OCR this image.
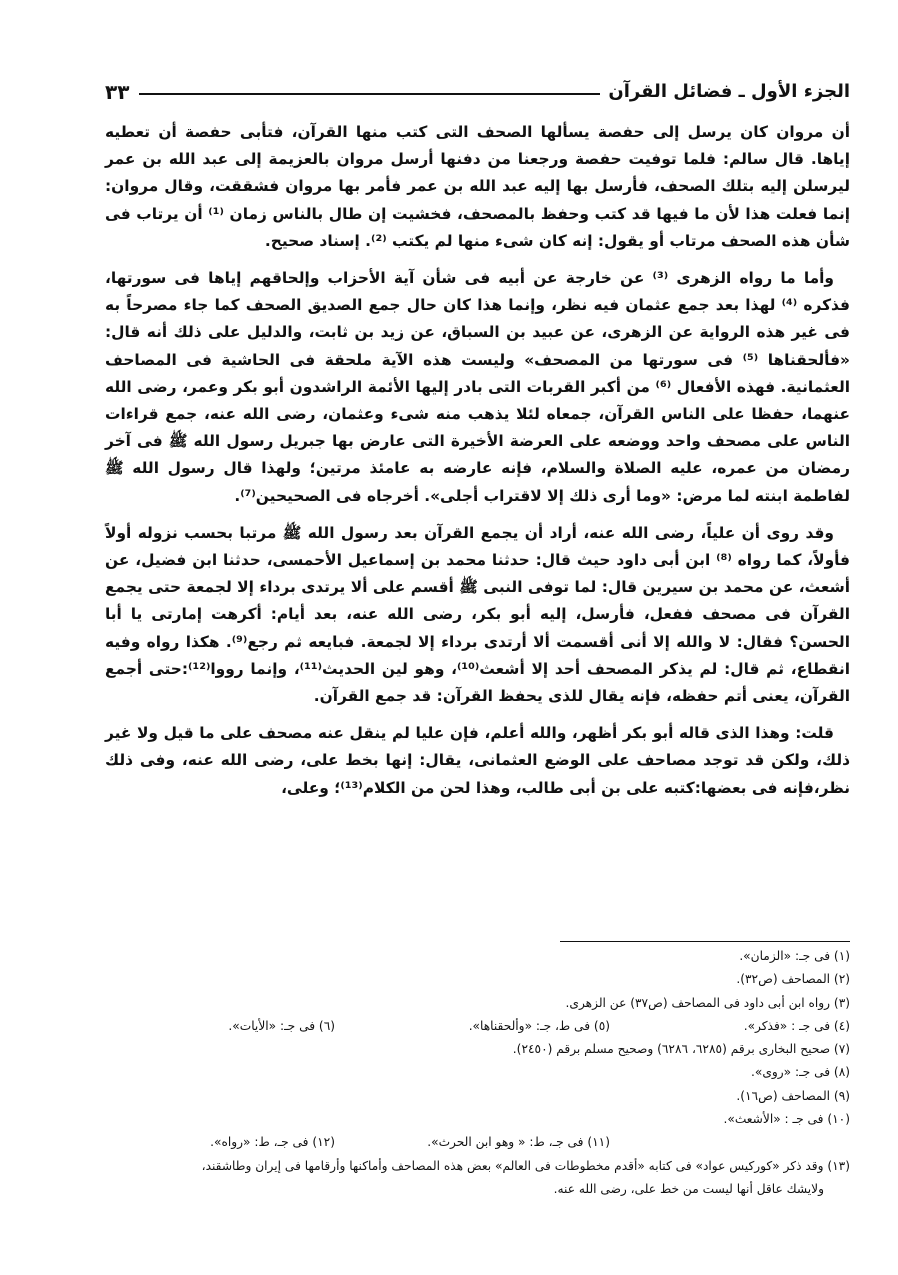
الجزء الأول ـ فضائل القرآن
٣٣

أن مروان كان يرسل إلى حفصة يسألها الصحف التى كتب منها القرآن، فتأبى حفصة أن تعطيه إياها. قال سالم: فلما توفيت حفصة ورجعنا من دفنها أرسل مروان بالعزيمة إلى عبد الله بن عمر ليرسلن إليه بتلك الصحف، فأرسل بها إليه عبد الله بن عمر فأمر بها مروان فشققت، وقال مروان: إنما فعلت هذا لأن ما فيها قد كتب وحفظ بالمصحف، فخشيت إن طال بالناس زمان ⁽¹⁾ أن يرتاب فى شأن هذه الصحف مرتاب أو يقول: إنه كان شىء منها لم يكتب ⁽²⁾. إسناد صحيح.

وأما ما رواه الزهرى ⁽³⁾ عن خارجة عن أبيه فى شأن آية الأحزاب وإلحاقهم إياها فى سورتها، فذكره ⁽⁴⁾ لهذا بعد جمع عثمان فيه نظر، وإنما هذا كان حال جمع الصديق الصحف كما جاء مصرحاً به فى غير هذه الرواية عن الزهرى، عن عبيد بن السباق، عن زيد بن ثابت، والدليل على ذلك أنه قال: «فألحقناها ⁽⁵⁾ فى سورتها من المصحف» وليست هذه الآية ملحقة فى الحاشية فى المصاحف العثمانية. فهذه الأفعال ⁽⁶⁾ من أكبر القربات التى بادر إليها الأئمة الراشدون أبو بكر وعمر، رضى الله عنهما، حفظا على الناس القرآن، جمعاه لئلا يذهب منه شىء وعثمان، رضى الله عنه، جمع قراءات الناس على مصحف واحد ووضعه على العرضة الأخيرة التى عارض بها جبريل رسول الله ﷺ فى آخر رمضان من عمره، عليه الصلاة والسلام، فإنه عارضه به عامئذ مرتين؛ ولهذا قال رسول الله ﷺ لفاطمة ابنته لما مرض: «وما أرى ذلك إلا لاقتراب أجلى». أخرجاه فى الصحيحين⁽⁷⁾.

وقد روى أن علياً، رضى الله عنه، أراد أن يجمع القرآن بعد رسول الله ﷺ مرتبا بحسب نزوله أولاً فأولاً، كما رواه ⁽⁸⁾ ابن أبى داود حيث قال: حدثنا محمد بن إسماعيل الأحمسى، حدثنا ابن فضيل، عن أشعث، عن محمد بن سيرين قال: لما توفى النبى ﷺ أقسم على ألا يرتدى برداء إلا لجمعة حتى يجمع القرآن فى مصحف ففعل، فأرسل، إليه أبو بكر، رضى الله عنه، بعد أيام: أكرهت إمارتى يا أبا الحسن؟ فقال: لا والله إلا أنى أقسمت ألا أرتدى برداء إلا لجمعة. فبايعه ثم رجع⁽⁹⁾. هكذا رواه وفيه انقطاع، ثم قال: لم يذكر المصحف أحد إلا أشعث⁽¹⁰⁾، وهو لين الحديث⁽¹¹⁾، وإنما رووا⁽¹²⁾:حتى أجمع القرآن، يعنى أتم حفظه، فإنه يقال للذى يحفظ القرآن: قد جمع القرآن.

قلت: وهذا الذى قاله أبو بكر أظهر، والله أعلم، فإن عليا لم ينقل عنه مصحف على ما قيل ولا غير ذلك، ولكن قد توجد مصاحف على الوضع العثمانى، يقال: إنها بخط على، رضى الله عنه، وفى ذلك نظر،فإنه فى بعضها:كتبه على بن أبى طالب، وهذا لحن من الكلام⁽¹³⁾؛ وعلى،

(١) فى جـ: «الزمان».
(٢) المصاحف (ص٣٢).
(٣) رواه ابن أبى داود فى المصاحف (ص٣٧) عن الزهرى.
(٤) فى جـ : «فذكر».
(٥) فى ط، جـ: «وألحقناها».
(٦) فى جـ: «الأيات».
(٧) صحيح البخارى برقم (٦٢٨٥، ٦٢٨٦) وصحيح مسلم برقم (٢٤٥٠).
(٨) فى جـ: «روى».
(٩) المصاحف (ص١٦).
(١٠) فى جـ : «الأشعث».
(١١) فى جـ، ط: « وهو ابن الحرث».
(١٢) فى جـ، ط: «رواه».
(١٣) وقد ذكر «كوركيس عواد» فى كتابه «أقدم مخطوطات فى العالم» بعض هذه المصاحف وأماكنها وأرقامها فى إيران وطاشقند،
ولايشك عاقل أنها ليست من خط على، رضى الله عنه.
